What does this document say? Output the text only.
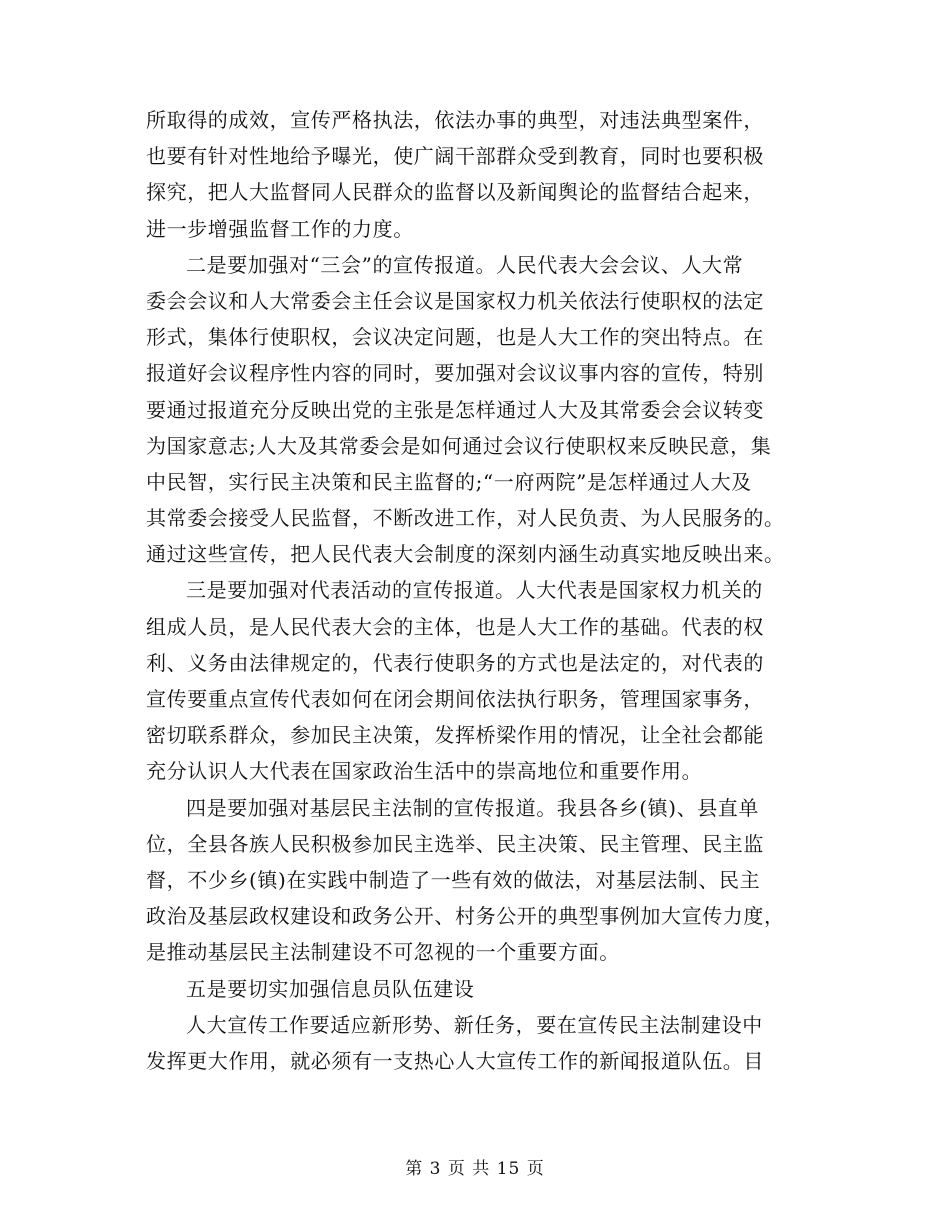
所取得的成效，宣传严格执法，依法办事的典型，对违法典型案件，
也要有针对性地给予曝光，使广阔干部群众受到教育，同时也要积极
探究，把人大监督同人民群众的监督以及新闻舆论的监督结合起来，
进一步增强监督工作的力度。
二是要加强对“三会”的宣传报道。人民代表大会会议、人大常
委会会议和人大常委会主任会议是国家权力机关依法行使职权的法定
形式，集体行使职权，会议决定问题，也是人大工作的突出特点。在
报道好会议程序性内容的同时，要加强对会议议事内容的宣传，特别
要通过报道充分反映出党的主张是怎样通过人大及其常委会会议转变
为国家意志;人大及其常委会是如何通过会议行使职权来反映民意，集
中民智，实行民主决策和民主监督的;“一府两院”是怎样通过人大及
其常委会接受人民监督，不断改进工作，对人民负责、为人民服务的。
通过这些宣传，把人民代表大会制度的深刻内涵生动真实地反映出来。
三是要加强对代表活动的宣传报道。人大代表是国家权力机关的
组成人员，是人民代表大会的主体，也是人大工作的基础。代表的权
利、义务由法律规定的，代表行使职务的方式也是法定的，对代表的
宣传要重点宣传代表如何在闭会期间依法执行职务，管理国家事务，
密切联系群众，参加民主决策，发挥桥梁作用的情况，让全社会都能
充分认识人大代表在国家政治生活中的崇高地位和重要作用。
四是要加强对基层民主法制的宣传报道。我县各乡(镇)、县直单
位，全县各族人民积极参加民主选举、民主决策、民主管理、民主监
督，不少乡(镇)在实践中制造了一些有效的做法，对基层法制、民主
政治及基层政权建设和政务公开、村务公开的典型事例加大宣传力度，
是推动基层民主法制建设不可忽视的一个重要方面。
五是要切实加强信息员队伍建设
人大宣传工作要适应新形势、新任务，要在宣传民主法制建设中
发挥更大作用，就必须有一支热心人大宣传工作的新闻报道队伍。目
第 3 页 共 15 页
